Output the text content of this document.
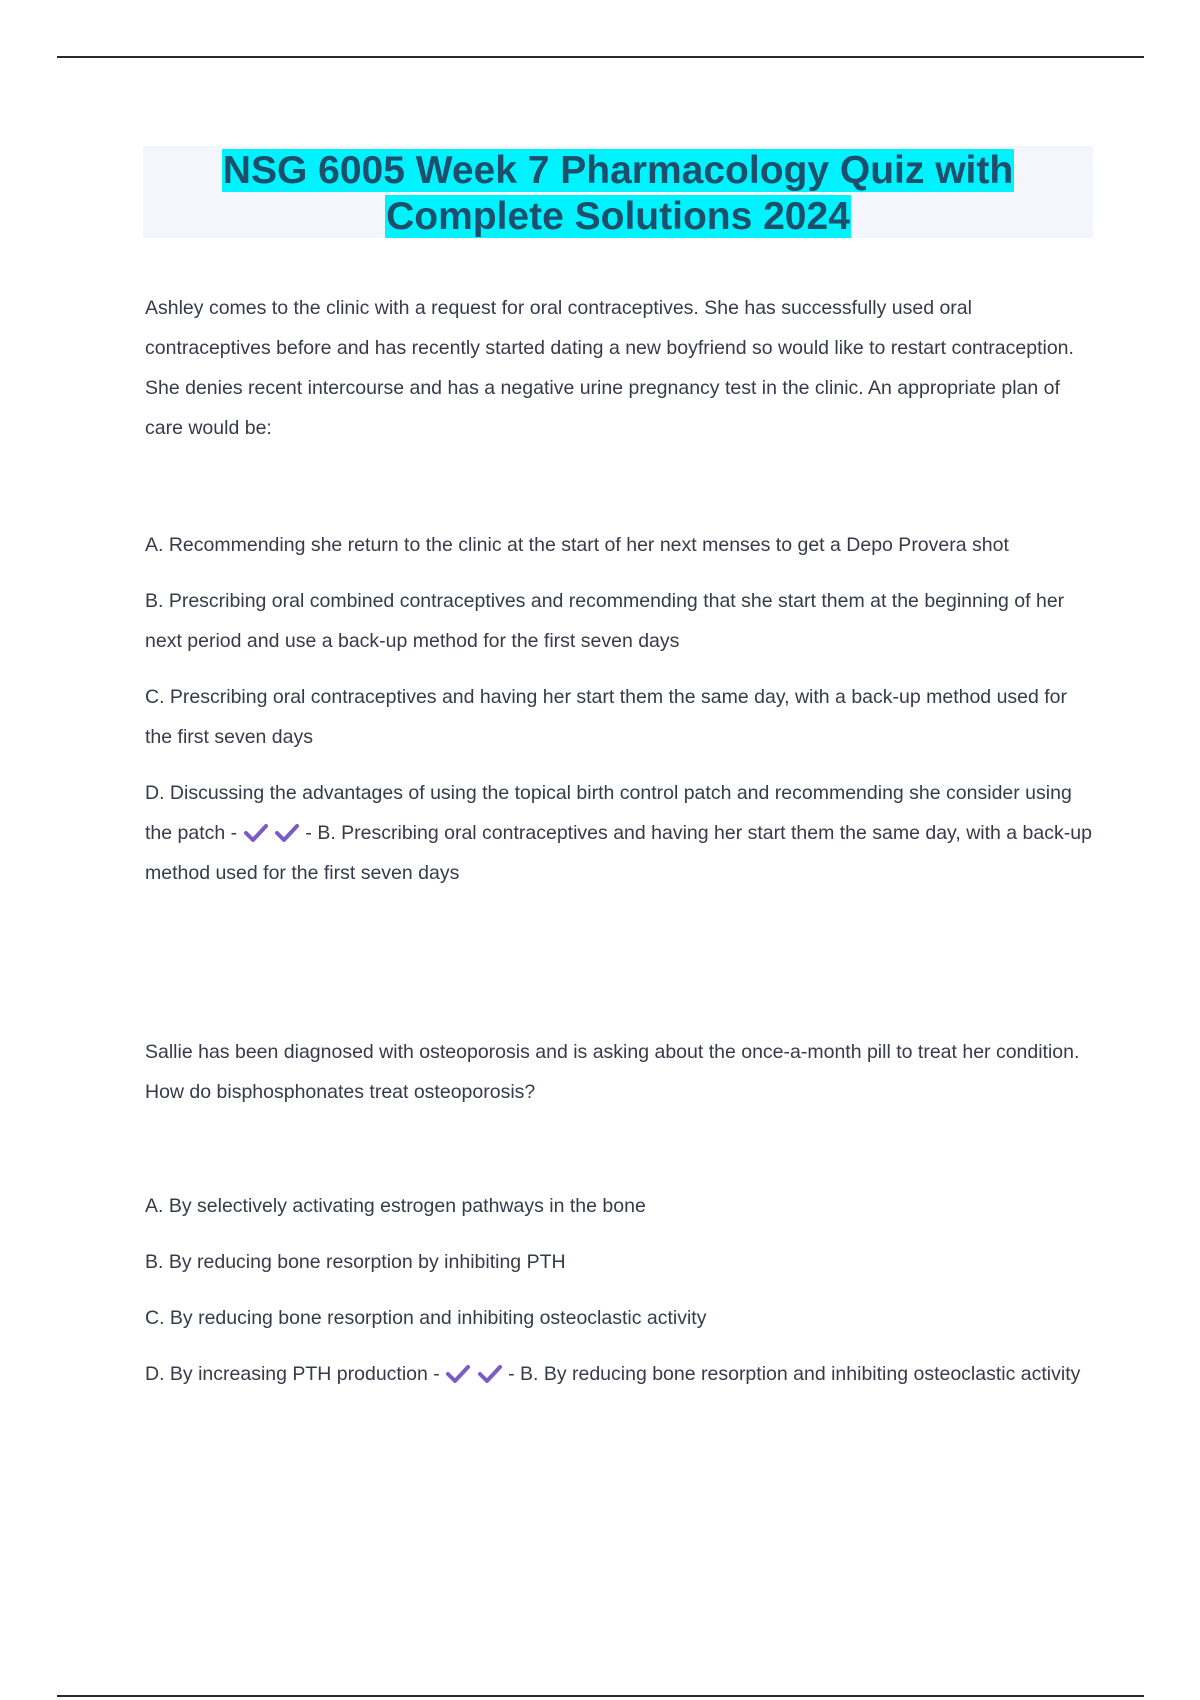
NSG 6005 Week 7 Pharmacology Quiz with
Complete Solutions 2024

Ashley comes to the clinic with a request for oral contraceptives. She has successfully used oral contraceptives before and has recently started dating a new boyfriend so would like to restart contraception. She denies recent intercourse and has a negative urine pregnancy test in the clinic. An appropriate plan of care would be:

A. Recommending she return to the clinic at the start of her next menses to get a Depo Provera shot

B. Prescribing oral combined contraceptives and recommending that she start them at the beginning of her next period and use a back-up method for the first seven days

C. Prescribing oral contraceptives and having her start them the same day, with a back-up method used for the first seven days

D. Discussing the advantages of using the topical birth control patch and recommending she consider using the patch -
	- B. Prescribing oral contraceptives and having her start them the same day, with a back-up method used for the first seven days

Sallie has been diagnosed with osteoporosis and is asking about the once-a-month pill to treat her condition. How do bisphosphonates treat osteoporosis?

A. By selectively activating estrogen pathways in the bone

B. By reducing bone resorption by inhibiting PTH

C. By reducing bone resorption and inhibiting osteoclastic activity

D. By increasing PTH production -
	- B. By reducing bone resorption and inhibiting osteoclastic activity
